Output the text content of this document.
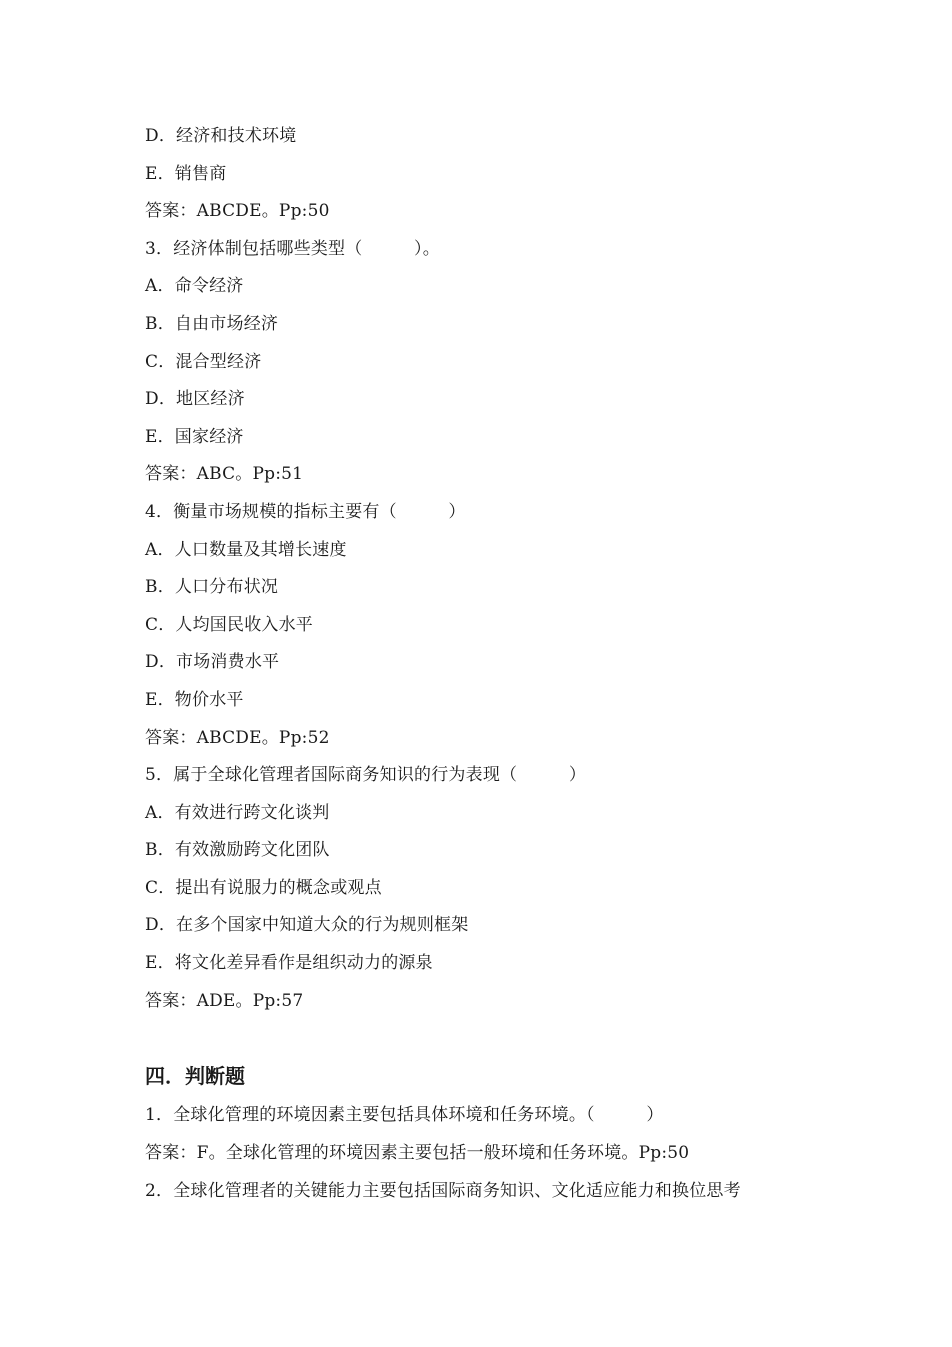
D．经济和技术环境
E．销售商
答案：ABCDE。Pp:50
3．经济体制包括哪些类型（　　　）。
A．命令经济
B．自由市场经济
C．混合型经济
D．地区经济
E．国家经济
答案：ABC。Pp:51
4．衡量市场规模的指标主要有（　　　）
A．人口数量及其增长速度
B．人口分布状况
C．人均国民收入水平
D．市场消费水平
E．物价水平
答案：ABCDE。Pp:52
5．属于全球化管理者国际商务知识的行为表现（　　　）
A．有效进行跨文化谈判
B．有效激励跨文化团队
C．提出有说服力的概念或观点
D．在多个国家中知道大众的行为规则框架
E．将文化差异看作是组织动力的源泉
答案：ADE。Pp:57
四．判断题
1．全球化管理的环境因素主要包括具体环境和任务环境。（　　　）
答案：F。全球化管理的环境因素主要包括一般环境和任务环境。Pp:50
2．全球化管理者的关键能力主要包括国际商务知识、文化适应能力和换位思考
